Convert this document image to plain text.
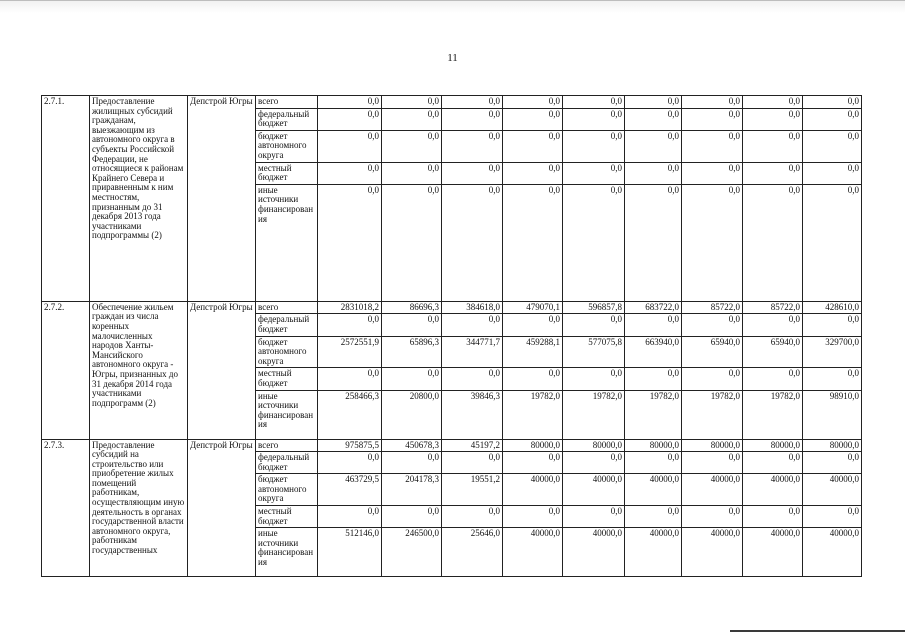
11
2.7.1.	Предоставление жилищных субсидий гражданам, выезжающим из автономного округа в субъекты Российской Федерации, не относящиеся к районам Крайнего Севера и приравненным к ним местностям, признанным до 31 декабря 2013 года участниками подпрограммы (2)	Депстрой Югры	всего	0,0	0,0	0,0	0,0	0,0	0,0	0,0	0,0	0,0
			федеральный бюджет	0,0	0,0	0,0	0,0	0,0	0,0	0,0	0,0	0,0
			бюджет автономного округа	0,0	0,0	0,0	0,0	0,0	0,0	0,0	0,0	0,0
			местный бюджет	0,0	0,0	0,0	0,0	0,0	0,0	0,0	0,0	0,0
			иные источники финансирования	0,0	0,0	0,0	0,0	0,0	0,0	0,0	0,0	0,0
2.7.2.	Обеспечение жильем граждан из числа коренных малочисленных народов Ханты-Мансийского автономного округа - Югры, признанных до 31 декабря 2014 года участниками подпрограмм (2)	Депстрой Югры	всего	2831018,2	86696,3	384618,0	479070,1	596857,8	683722,0	85722,0	85722,0	428610,0
			федеральный бюджет	0,0	0,0	0,0	0,0	0,0	0,0	0,0	0,0	0,0
			бюджет автономного округа	2572551,9	65896,3	344771,7	459288,1	577075,8	663940,0	65940,0	65940,0	329700,0
			местный бюджет	0,0	0,0	0,0	0,0	0,0	0,0	0,0	0,0	0,0
			иные источники финансирования	258466,3	20800,0	39846,3	19782,0	19782,0	19782,0	19782,0	19782,0	98910,0
2.7.3.	Предоставление субсидий на строительство или приобретение жилых помещений работникам, осуществляющим иную деятельность в органах государственной власти автономного округа, работникам государственных	Депстрой Югры	всего	975875,5	450678,3	45197,2	80000,0	80000,0	80000,0	80000,0	80000,0	80000,0
			федеральный бюджет	0,0	0,0	0,0	0,0	0,0	0,0	0,0	0,0	0,0
			бюджет автономного округа	463729,5	204178,3	19551,2	40000,0	40000,0	40000,0	40000,0	40000,0	40000,0
			местный бюджет	0,0	0,0	0,0	0,0	0,0	0,0	0,0	0,0	0,0
			иные источники финансирования	512146,0	246500,0	25646,0	40000,0	40000,0	40000,0	40000,0	40000,0	40000,0
